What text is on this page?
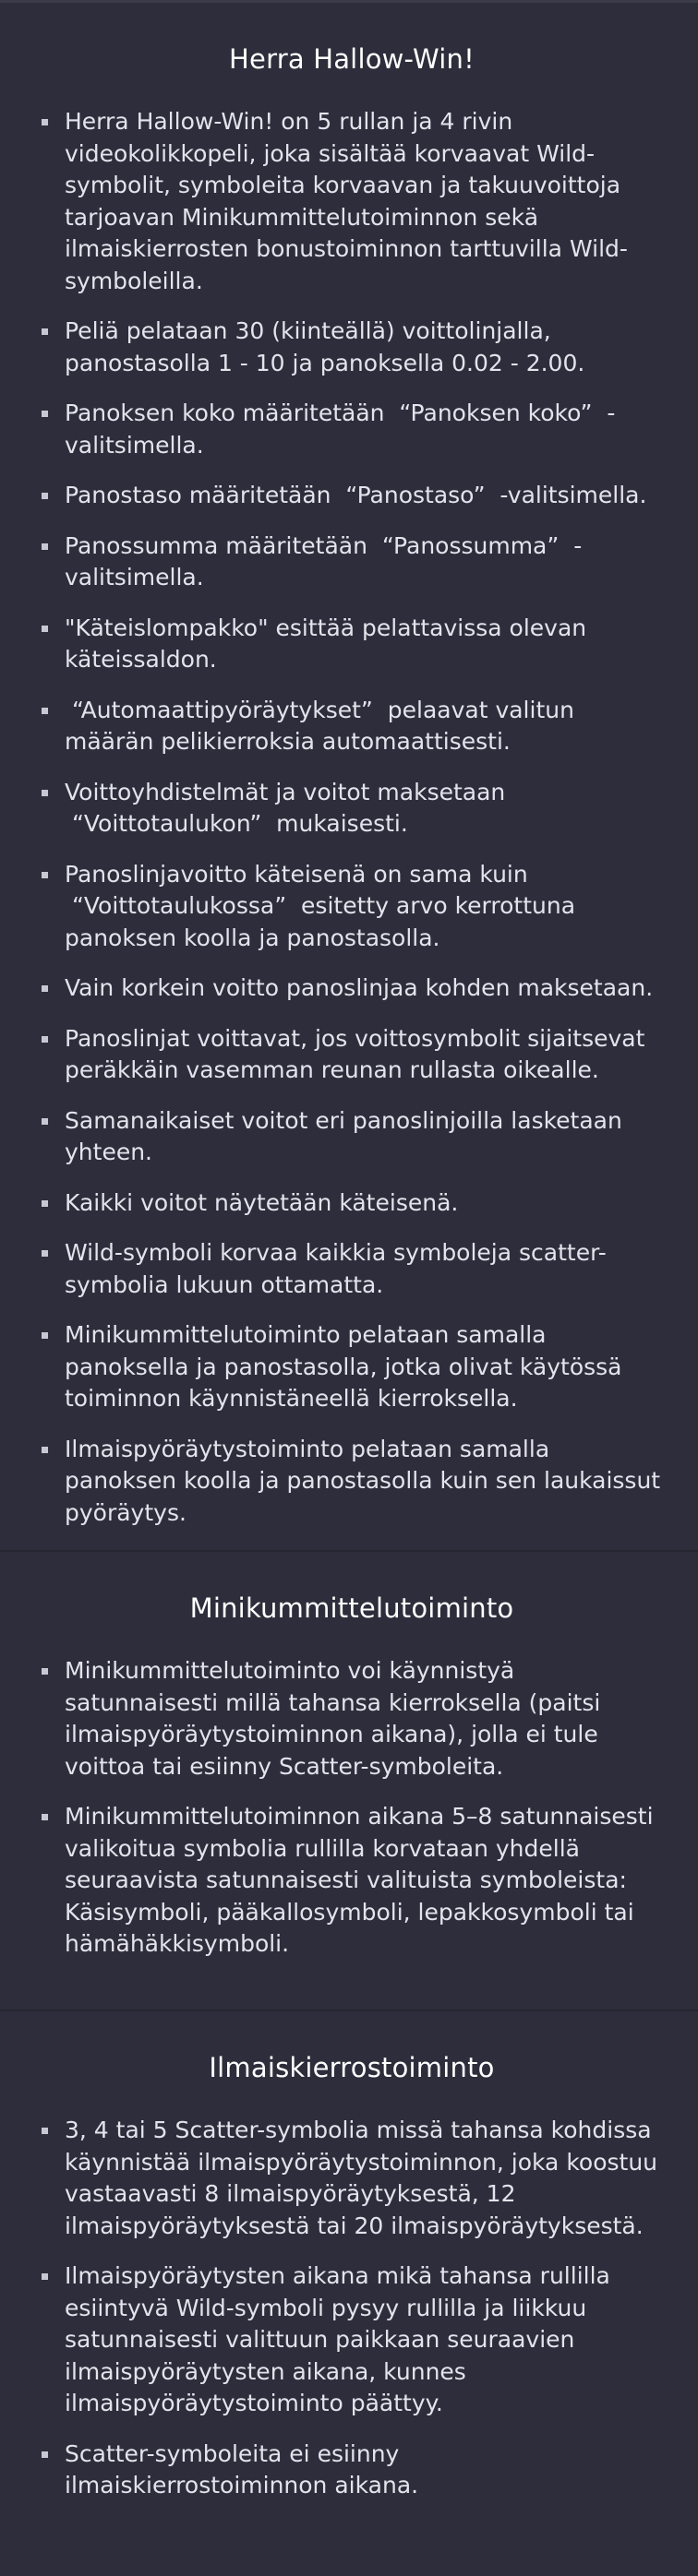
Herra Hallow-Win!
Herra Hallow-Win! on 5 rullan ja 4 rivin videokolikkopeli, joka sisältää korvaavat Wild-symbolit, symboleita korvaavan ja takuuvoittoja tarjoavan Minikummittelutoiminnon sekä ilmaiskierrosten bonustoiminnon tarttuvilla Wild-symboleilla.
Peliä pelataan 30 (kiinteällä) voittolinjalla, panostasolla 1 - 10 ja panoksella 0.02 - 2.00.
Panoksen koko määritetään  “Panoksen koko”  -valitsimella.
Panostaso määritetään  “Panostaso”  -valitsimella.
Panossumma määritetään  “Panossumma”  -valitsimella.
"Käteislompakko" esittää pelattavissa olevan käteissaldon.
“Automaattipyöräytykset”  pelaavat valitun määrän pelikierroksia automaattisesti.
Voittoyhdistelmät ja voitot maksetaan  “Voittotaulukon”  mukaisesti.
Panoslinjavoitto käteisenä on sama kuin  “Voittotaulukossa”  esitetty arvo kerrottuna panoksen koolla ja panostasolla.
Vain korkein voitto panoslinjaa kohden maksetaan.
Panoslinjat voittavat, jos voittosymbolit sijaitsevat peräkkäin vasemman reunan rullasta oikealle.
Samanaikaiset voitot eri panoslinjoilla lasketaan yhteen.
Kaikki voitot näytetään käteisenä.
Wild-symboli korvaa kaikkia symboleja scatter-symbolia lukuun ottamatta.
Minikummittelutoiminto pelataan samalla panoksella ja panostasolla, jotka olivat käytössä toiminnon käynnistäneellä kierroksella.
Ilmaispyöräytystoiminto pelataan samalla panoksen koolla ja panostasolla kuin sen laukaissut pyöräytys.
Minikummittelutoiminto
Minikummittelutoiminto voi käynnistyä satunnaisesti millä tahansa kierroksella (paitsi ilmaispyöräytystoiminnon aikana), jolla ei tule voittoa tai esiinny Scatter-symboleita.
Minikummittelutoiminnon aikana 5–8 satunnaisesti valikoitua symbolia rullilla korvataan yhdellä seuraavista satunnaisesti valituista symboleista: Käsisymboli, pääkallosymboli, lepakkosymboli tai hämähäkkisymboli.
Ilmaiskierrostoiminto
3, 4 tai 5 Scatter-symbolia missä tahansa kohdissa käynnistää ilmaispyöräytystoiminnon, joka koostuu vastaavasti 8 ilmaispyöräytyksestä, 12 ilmaispyöräytyksestä tai 20 ilmaispyöräytyksestä.
Ilmaispyöräytysten aikana mikä tahansa rullilla esiintyvä Wild-symboli pysyy rullilla ja liikkuu satunnaisesti valittuun paikkaan seuraavien ilmaispyöräytysten aikana, kunnes ilmaispyöräytystoiminto päättyy.
Scatter-symboleita ei esiinny ilmaiskierrostoiminnon aikana.
